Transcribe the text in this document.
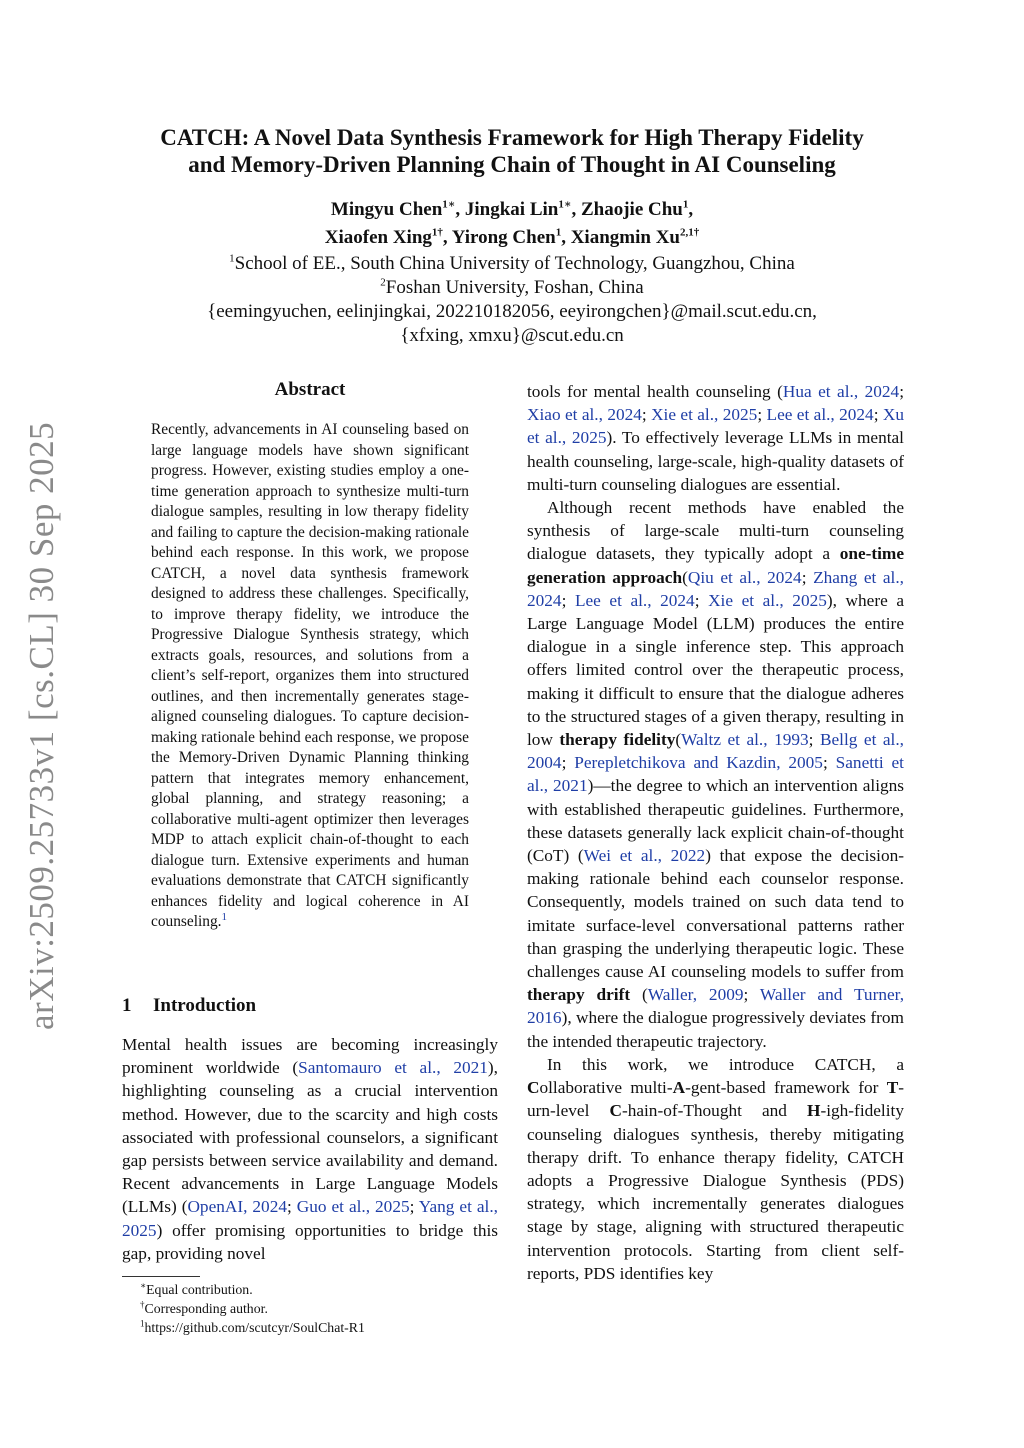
arXiv:2509.25733v1 [cs.CL] 30 Sep 2025
CATCH: A Novel Data Synthesis Framework for High Therapy Fidelity
and Memory-Driven Planning Chain of Thought in AI Counseling
Mingyu Chen$^{1∗}$, Jingkai Lin$^{1∗}$, Zhaojie Chu$^1$,
Xiaofen Xing$^{1\dagger}$, Yirong Chen$^1$, Xiangmin $Xu^{2,1\dagger}$
$^1$School of EE., South China University of Technology, Guangzhou, China
$^2$Foshan University, Foshan, China
{eemingyuchen, eelinjingkai, 202210182056, eeyirongchen}@mail.scut.edu.cn,
{xfxing, xmxu}@scut.edu.cn
Abstract
Recently, advancements in AI counseling based on large language models have shown significant progress. However, existing studies employ a one-time generation approach to synthesize multi-turn dialogue samples, resulting in low therapy fidelity and failing to capture the decision-making rationale behind each response. In this work, we propose CATCH, a novel data synthesis framework designed to address these challenges. Specifically, to improve therapy fidelity, we introduce the Progressive Dialogue Synthesis strategy, which extracts goals, resources, and solutions from a client’s self-report, organizes them into structured outlines, and then incrementally generates stage-aligned counseling dialogues. To capture decision-making rationale behind each response, we propose the Memory-Driven Dynamic Planning thinking pattern that integrates memory enhancement, global planning, and strategy reasoning; a collaborative multi-agent optimizer then leverages MDP to attach explicit chain-of-thought to each dialogue turn. Extensive experiments and human evaluations demonstrate that CATCH significantly enhances fidelity and logical coherence in AI counseling.$^1$
1 Introduction

Mental health issues are becoming increasingly prominent worldwide (Santomauro et al., 2021), highlighting counseling as a crucial intervention method. However, due to the scarcity and high costs associated with professional counselors, a significant gap persists between service availability and demand. Recent advancements in Large Language Models (LLMs) (OpenAI, 2024; Guo et al., 2025; Yang et al., 2025) offer promising opportunities to bridge this gap, providing novel

tools for mental health counseling (Hua et al., 2024; Xiao et al., 2024; Xie et al., 2025; Lee et al., 2024; Xu et al., 2025). To effectively leverage LLMs in mental health counseling, large-scale, high-quality datasets of multi-turn counseling dialogues are essential.

Although recent methods have enabled the synthesis of large-scale multi-turn counseling dialogue datasets, they typically adopt a one-time generation approach(Qiu et al., 2024; Zhang et al., 2024; Lee et al., 2024; Xie et al., 2025), where a Large Language Model (LLM) produces the entire dialogue in a single inference step. This approach offers limited control over the therapeutic process, making it difficult to ensure that the dialogue adheres to the structured stages of a given therapy, resulting in low therapy fidelity(Waltz et al., 1993; Bellg et al., 2004; Perepletchikova and Kazdin, 2005; Sanetti et al., 2021)—the degree to which an intervention aligns with established therapeutic guidelines. Furthermore, these datasets generally lack explicit chain-of-thought (CoT) (Wei et al., 2022) that expose the decision-making rationale behind each counselor response. Consequently, models trained on such data tend to imitate surface-level conversational patterns rather than grasping the underlying therapeutic logic. These challenges cause AI counseling models to suffer from therapy drift (Waller, 2009; Waller and Turner, 2016), where the dialogue progressively deviates from the intended therapeutic trajectory.

In this work, we introduce CATCH, a Collaborative multi-A-gent-based framework for T-urn-level C-hain-of-Thought and H-igh-fidelity counseling dialogues synthesis, thereby mitigating therapy drift. To enhance therapy fidelity, CATCH adopts a Progressive Dialogue Synthesis (PDS) strategy, which incrementally generates dialogues stage by stage, aligning with structured therapeutic intervention protocols. Starting from client self-reports, PDS identifies key

∗Equal contribution.
†Corresponding author.
$^1$https://github.com/scutcyr/SoulChat-R1
